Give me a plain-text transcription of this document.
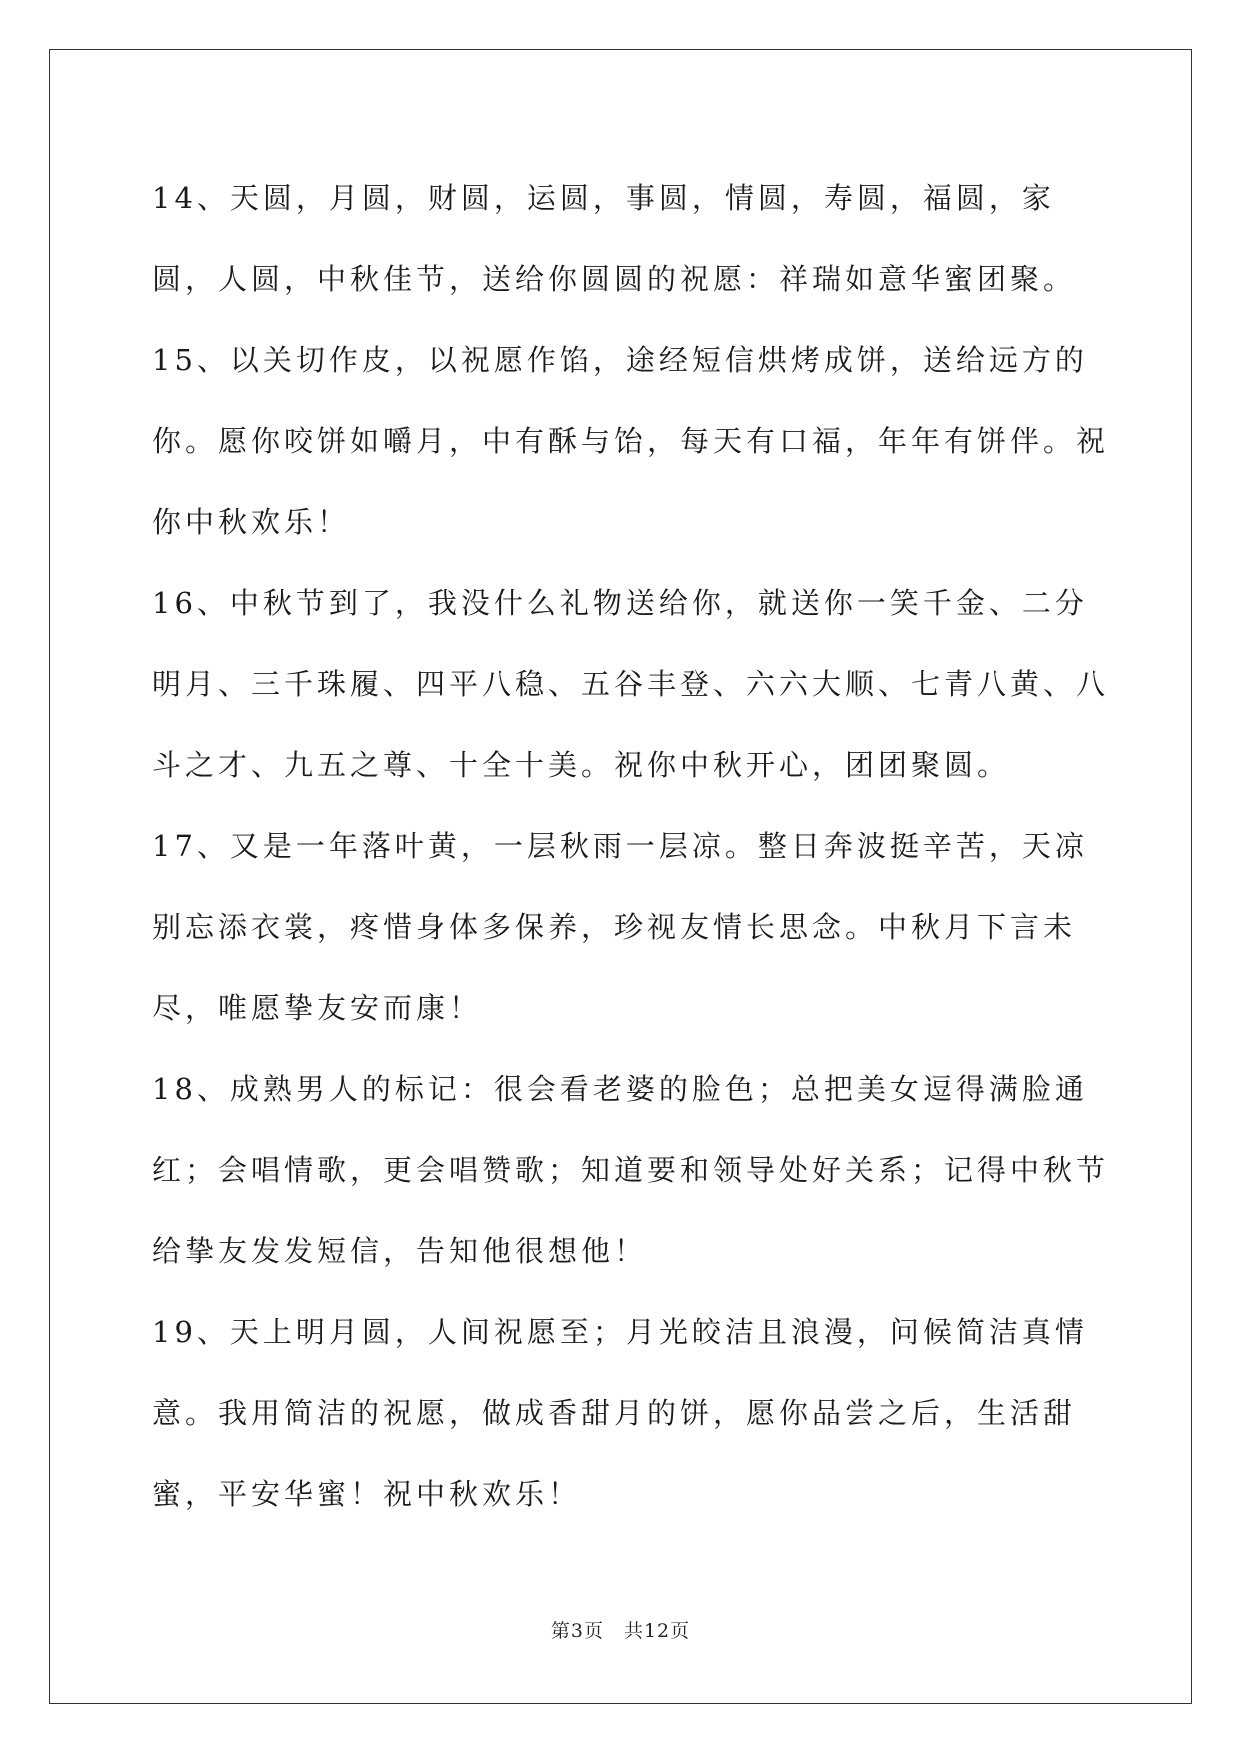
14、天圆，月圆，财圆，运圆，事圆，情圆，寿圆，福圆，家圆，人圆，中秋佳节，送给你圆圆的祝愿：祥瑞如意华蜜团聚。

15、以关切作皮，以祝愿作馅，途经短信烘烤成饼，送给远方的你。愿你咬饼如嚼月，中有酥与饴，每天有口福，年年有饼伴。祝你中秋欢乐！

16、中秋节到了，我没什么礼物送给你，就送你一笑千金、二分明月、三千珠履、四平八稳、五谷丰登、六六大顺、七青八黄、八斗之才、九五之尊、十全十美。祝你中秋开心，团团聚圆。

17、又是一年落叶黄，一层秋雨一层凉。整日奔波挺辛苦，天凉别忘添衣裳，疼惜身体多保养，珍视友情长思念。中秋月下言未尽，唯愿挚友安而康！

18、成熟男人的标记：很会看老婆的脸色；总把美女逗得满脸通红；会唱情歌，更会唱赞歌；知道要和领导处好关系；记得中秋节给挚友发发短信，告知他很想他！

19、天上明月圆，人间祝愿至；月光皎洁且浪漫，问候简洁真情意。我用简洁的祝愿，做成香甜月的饼，愿你品尝之后，生活甜蜜，平安华蜜！祝中秋欢乐！

第3页 共12页
